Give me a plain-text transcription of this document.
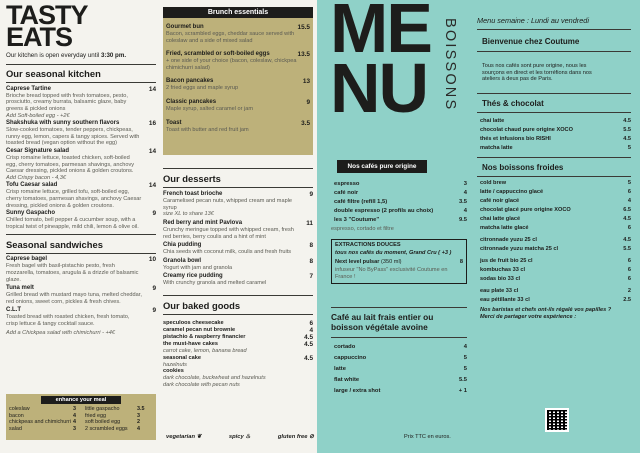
TASTY
EATS
Our kitchen is open everyday until 3:30 pm.
Our seasonal kitchen
Caprese Tartine	14
Brioche bread topped with fresh tomatoes, pesto, prosciutto, creamy burrata, balsamic glaze, baby greens & pickled onions
Add Soft-boiled egg - +2€
Shakshuka with sunny southern flavors	16
Slow-cooked tomatoes, tender peppers, chickpeas, runny egg, lemon, capers & tangy spices. Served with toasted bread (vegan option without the egg)
Cesar Signature salad	14
Crisp romaine lettuce, toasted chicken, soft-boiled egg, cherry tomatoes, parmesan shavings, anchovy Caesar dressing, pickled onions & golden croutons.
Add Crispy bacon - 4,3€
Tofu Caesar salad	14
Crisp romaine lettuce, grilled tofu, soft-boiled egg, cherry tomatoes, parmesan shavings, anchovy Caesar dressing, pickled onions & golden croutons.
Sunny Gaspacho	9
Chilled tomato, bell pepper & cucumber soup, with a tropical twist of pineapple, mild chili, lemon & olive oil.
Seasonal sandwiches
Caprese bagel	10
Fresh bagel with basil-pistachio pesto, fresh mozzarella, tomatoes, arugula & a drizzle of balsamic glaze.
Tuna melt	9
Grilled bread with mustard mayo tuna, melted cheddar, red onions, sweet corn, pickles & fresh chives.
C.L.T	9
Toasted bread with roasted chicken, fresh tomato, crisp lettuce & tangy cocktail sauce.
Add a Chickpea salad with chimichurri - +4€
enhance your meal
coleslaw	3	little gaspacho	3.5
bacon	4	fried egg	3
chickpeas and chimichurri 4	soft boiled egg	2
salad	3	2 scrambled eggs	4
Brunch essentials
Gourmet bun	15.5
Bacon, scrambled eggs, cheddar sauce served with coleslaw and a side of mixed salad
Fried, scrambled or soft-boiled eggs	13.5
+ one side of your choice (bacon, coleslaw, chickpea chimichurri salad)
Bacon pancakes	13
2 fried eggs and maple syrup
Classic pancakes	9
Maple syrup, salted caramel or jam
Toast	3.5
Toast with butter and red fruit jam
Our desserts
French toast brioche	9
Caramelised pecan nuts, whipped cream and maple syrup
size XL to share 13€
Red berry and mint Pavlova	11
Crunchy meringue topped with whipped cream, fresh red berries, berry coulis and a hint of mint
Chia pudding	8
Chia seeds with coconut milk, coulis and fresh fruits
Granola bowl	8
Yogurt with jam and granola
Creamy rice pudding	7
With crunchy granola and melted caramel
Our baked goods
speculoos cheesecake	6
caramel pecan nut brownie	4
pistachio & raspberry financier	4.5
the must-have cakes	4.5
carrot cake, lemon, banana bread
seasonal cake	4.5
hazelnuts
cookies
dark chocolate, buckwheat and hazelnuts
dark chocolate with pecan nuts
vegetarian ❦	spicy ♨	gluten free ⊘
ME
NU BOISSONS
Nos cafés pure origine
espresso	3
café noir	4
café filtre (refill 1,5)	3.5
double espresso (2 profils au choix)	4
les 3 "Coutume"	9.5
espresso, cortado et filtre
EXTRACTIONS DOUCES
tous nos cafés du moment, Grand Cru ( +3 )
Next level pulsar (350 ml)	8
infuseur "No ByPass" exclusivité Coutume en France !
Café au lait frais entier ou boisson végétale avoine
cortado	4
cappuccino	5
latte	5
flat white	5.5
large / extra shot	+ 1
Prix TTC en euros.
Menu semaine : Lundi au vendredi
Bienvenue chez Coutume
Tous nos cafés sont pure origine, nous les sourçons en direct et les torréfions dans nos ateliers à deux pas de Paris.
Thés & chocolat
chai latte	4.5
chocolat chaud pure origine XOCO	5.5
thés et infusions bio RISHI	4.5
matcha latte	5
Nos boissons froides
cold brew	5
latte / cappuccino glacé	6
café noir glacé	4
chocolat glacé pure origine XOCO	6.5
chai latte glacé	4.5
matcha latte glacé	6
citronnade yuzu 25 cl	4.5
citronnade yuzu matcha 25 cl	5.5
jus de fruit bio 25 cl	6
kombuchas 33 cl	6
sodas bio 33 cl	6
eau plate 33 cl	2
eau pétillante 33 cl	2.5
Nos baristas et chefs ont-ils régalé vos papilles ?
Merci de partager votre expérience :
